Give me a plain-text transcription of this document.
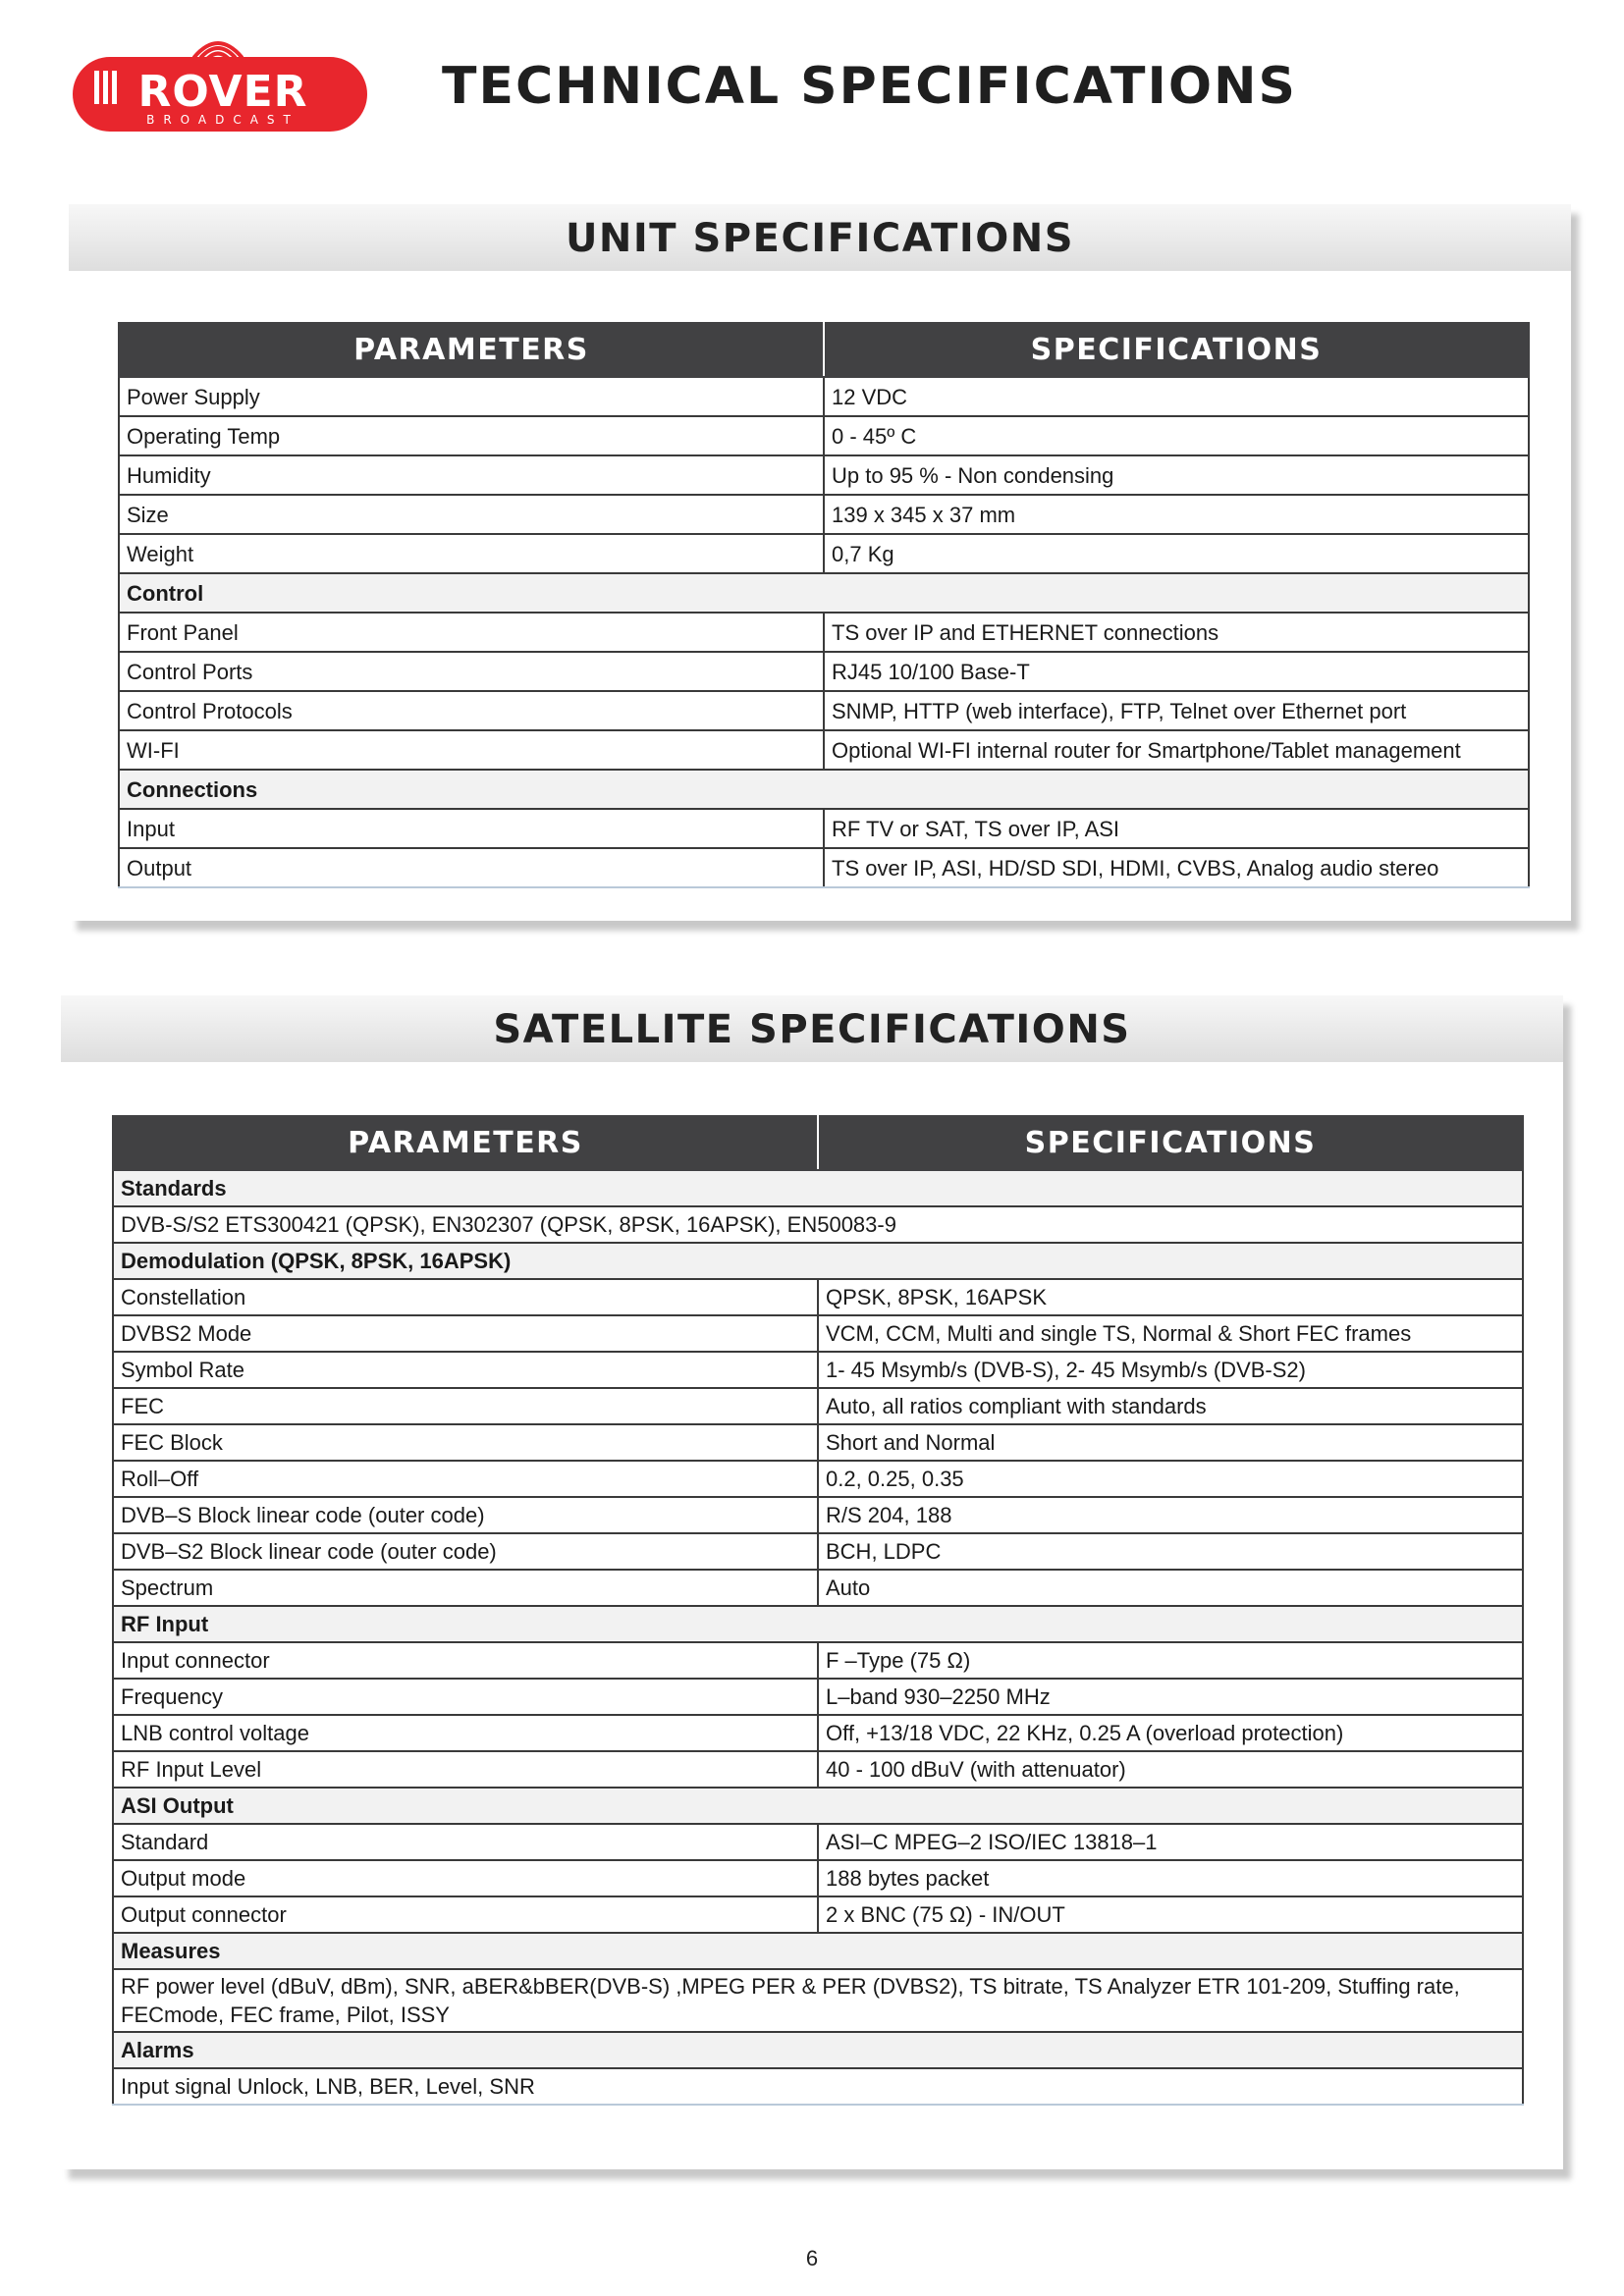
ROVER
BROADCAST
TECHNICAL SPECIFICATIONS
UNIT SPECIFICATIONS
PARAMETERS	SPECIFICATIONS
Power Supply	12 VDC
Operating Temp	0 - 45º C
Humidity	Up to 95 % - Non condensing
Size	139 x 345 x 37 mm
Weight	0,7 Kg
Control	
Front Panel	TS over IP and ETHERNET connections
Control Ports	RJ45 10/100 Base-T
Control Protocols	SNMP, HTTP (web interface), FTP, Telnet over Ethernet port
WI-FI	Optional WI-FI internal router for Smartphone/Tablet management
Connections	
Input	RF TV or SAT, TS over IP, ASI
Output	TS over IP, ASI, HD/SD SDI, HDMI, CVBS, Analog audio stereo
SATELLITE SPECIFICATIONS
PARAMETERS	SPECIFICATIONS
Standards	
DVB-S/S2 ETS300421 (QPSK), EN302307 (QPSK, 8PSK, 16APSK), EN50083-9	
Demodulation (QPSK, 8PSK, 16APSK)	
Constellation	QPSK, 8PSK, 16APSK
DVBS2 Mode	VCM, CCM, Multi and single TS, Normal & Short FEC frames
Symbol Rate	1- 45 Msymb/s (DVB-S), 2- 45 Msymb/s (DVB-S2)
FEC	Auto, all ratios compliant with standards
FEC Block	Short and Normal
Roll–Off	0.2, 0.25, 0.35
DVB–S Block linear code (outer code)	R/S 204, 188
DVB–S2 Block linear code (outer code)	BCH, LDPC
Spectrum	Auto
RF Input	
Input connector	F –Type (75 Ω)
Frequency	L–band 930–2250 MHz
LNB control voltage	Off, +13/18 VDC, 22 KHz, 0.25 A (overload protection)
RF Input Level	40 - 100 dBuV (with attenuator)
ASI Output	
Standard	ASI–C MPEG–2 ISO/IEC 13818–1
Output mode	188 bytes packet
Output connector	2 x BNC (75 Ω) - IN/OUT
Measures	
RF power level (dBuV, dBm), SNR, aBER&bBER(DVB-S) ,MPEG PER & PER (DVBS2), TS bitrate, TS Analyzer ETR 101-209, Stuffing rate, FECmode, FEC frame, Pilot, ISSY	
Alarms	
Input signal Unlock, LNB, BER, Level, SNR	
6
